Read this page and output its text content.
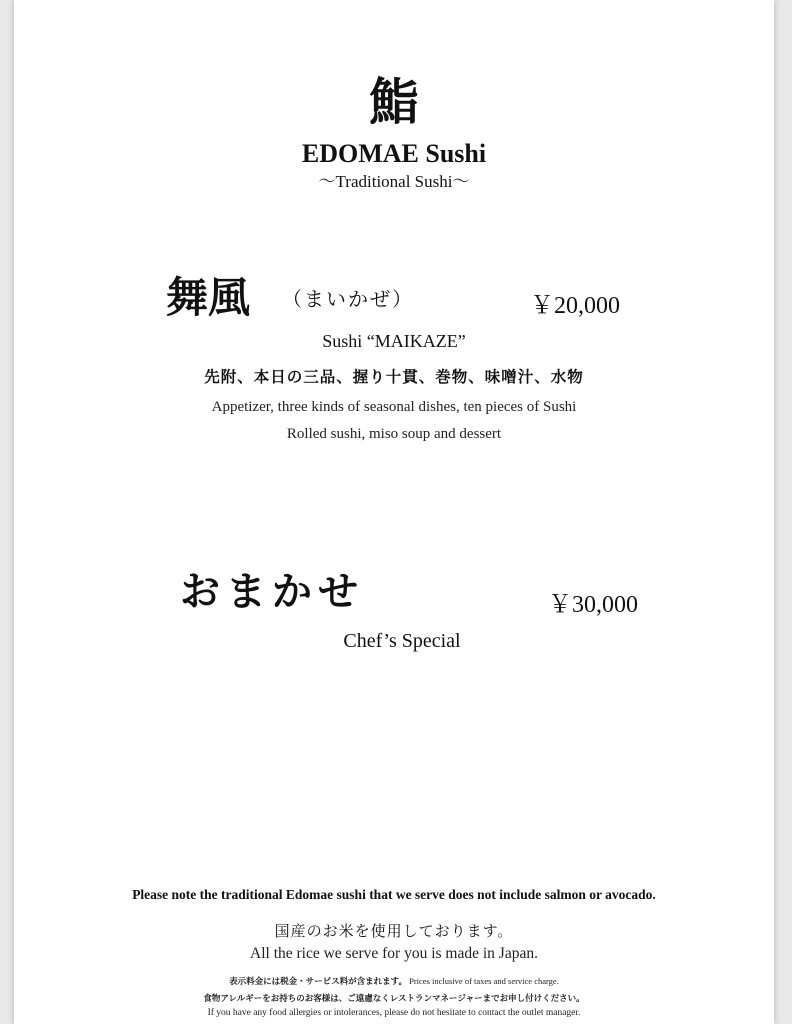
鮨
EDOMAE Sushi
〜Traditional Sushi〜
舞風 （まいかぜ）	￥20,000
Sushi “MAIKAZE”
先附、本日の三品、握り十貫、巻物、味噌汁、水物
Appetizer, three kinds of seasonal dishes, ten pieces of Sushi
Rolled sushi, miso soup and dessert
おまかせ	￥30,000
Chef’s Special
Please note the traditional Edomae sushi that we serve does not include salmon or avocado.
国産のお米を使用しております。
All the rice we serve for you is made in Japan.
表示料金には税金・サービス料が含まれます。 Prices inclusive of taxes and service charge.
食物アレルギーをお持ちのお客様は、ご遠慮なくレストランマネージャーまでお申し付けください。
If you have any food allergies or intolerances, please do not hesitate to contact the outlet manager.
